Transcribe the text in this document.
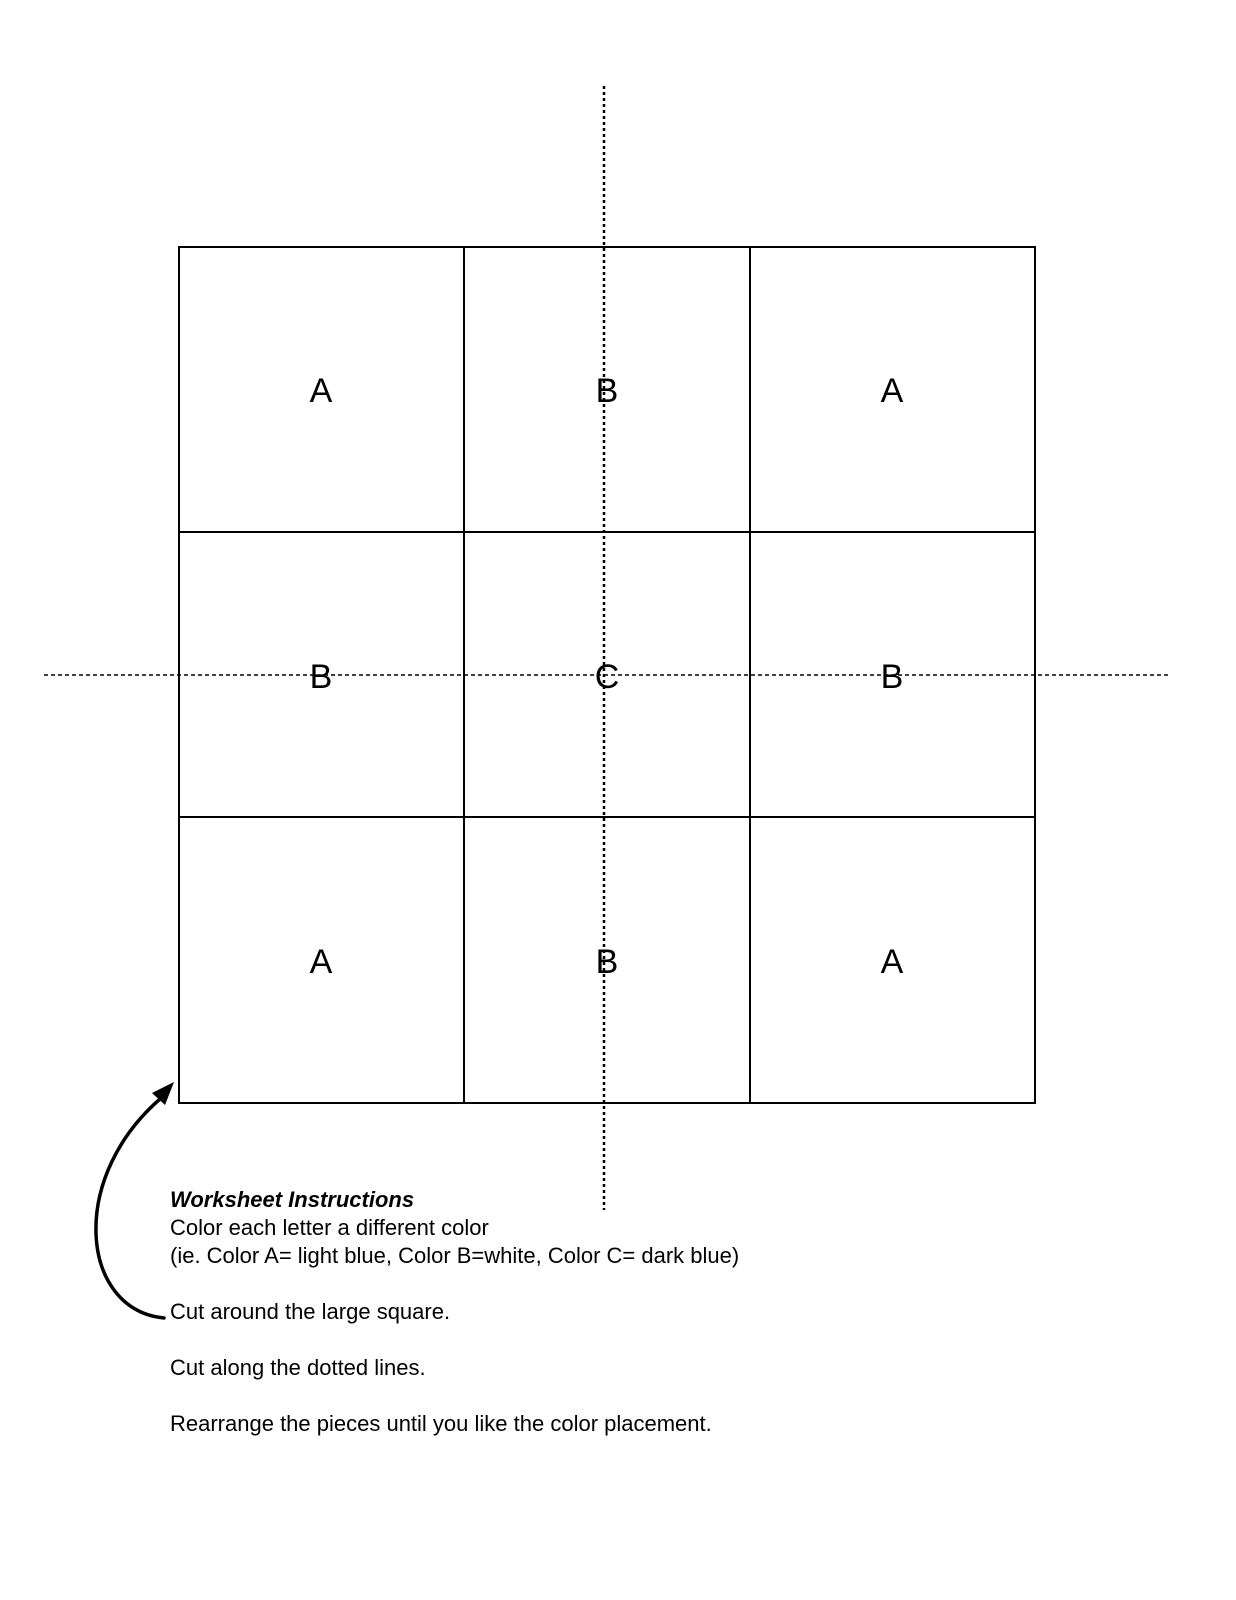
A	B	A
B	C	B
A	B	A
Worksheet Instructions
Color each letter a different color
(ie. Color A= light blue, Color B=white, Color C= dark blue)
Cut around the large square.
Cut along the dotted lines.
Rearrange the pieces until you like the color placement.
